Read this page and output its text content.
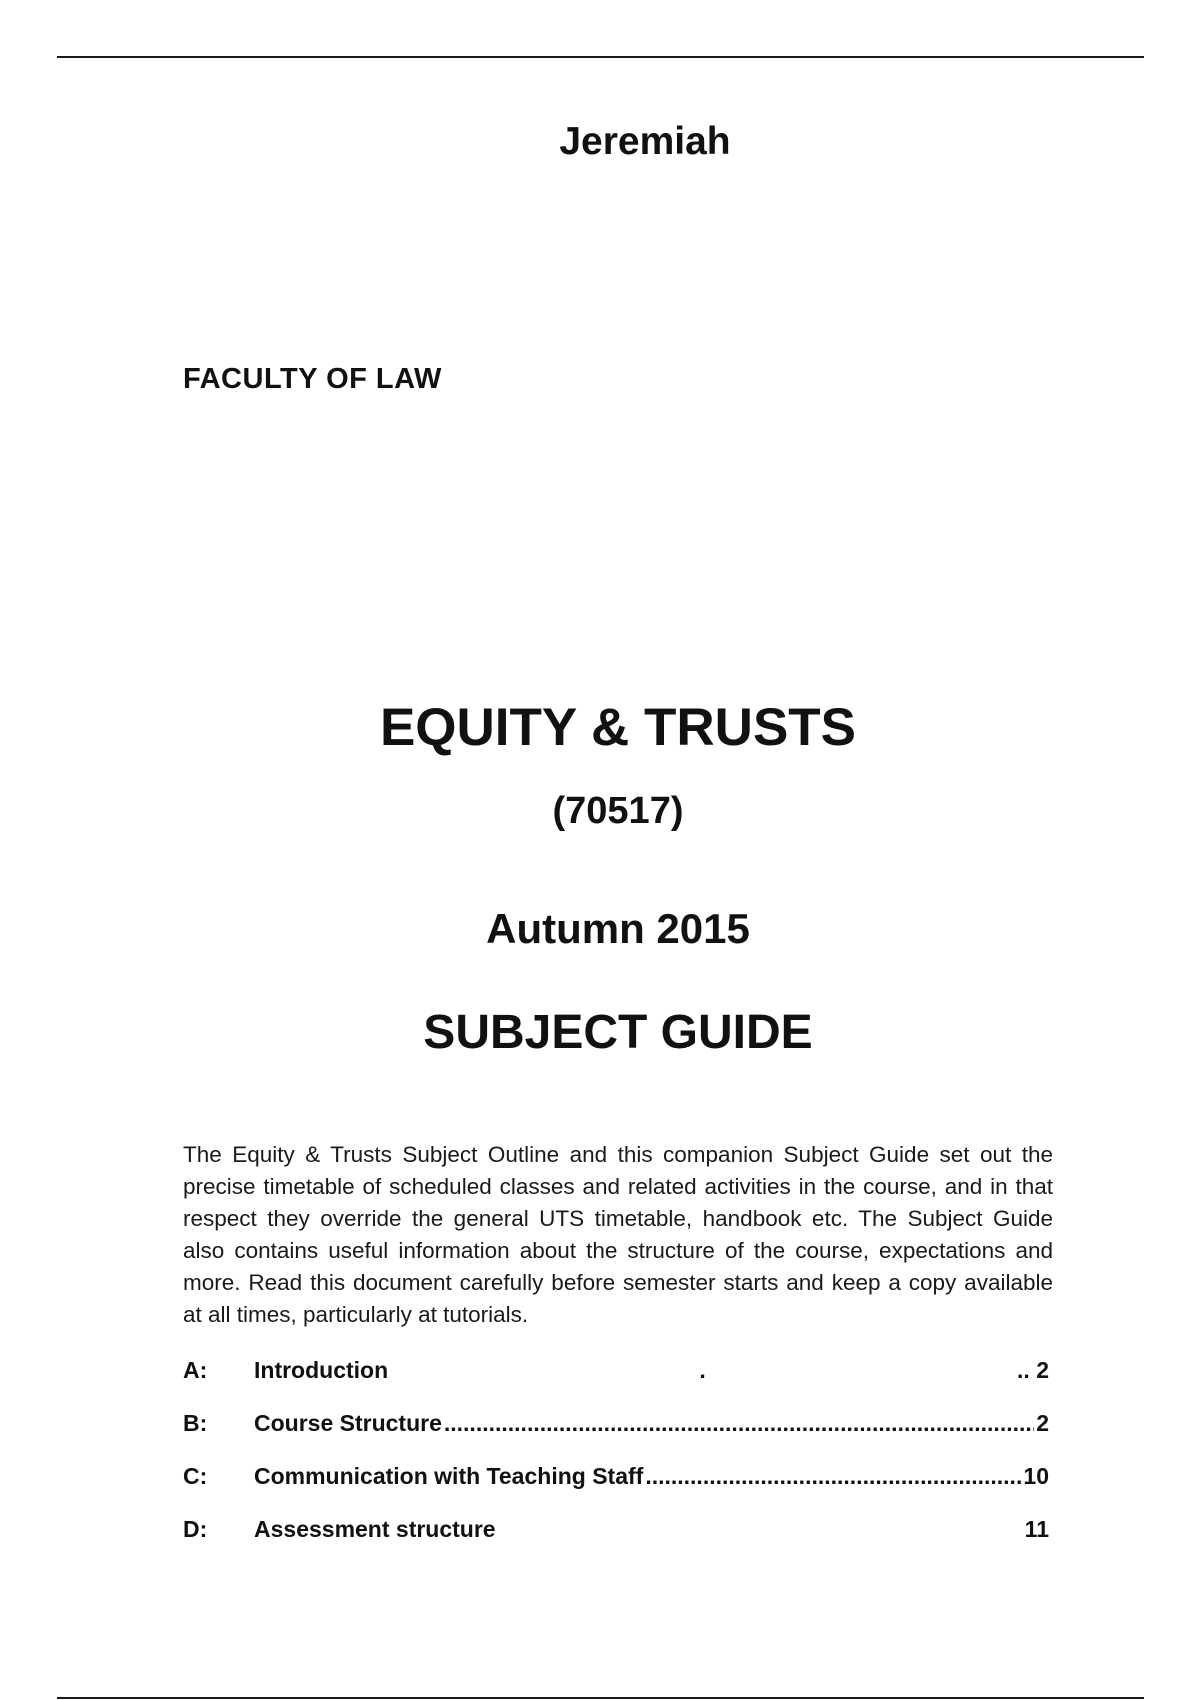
Jeremiah
FACULTY OF LAW
EQUITY & TRUSTS
(70517)
Autumn 2015
SUBJECT GUIDE

The Equity & Trusts Subject Outline and this companion Subject Guide set out the precise timetable of scheduled classes and related activities in the course, and in that respect they override the general UTS timetable, handbook etc. The Subject Guide also contains useful information about the structure of the course, expectations and more. Read this document carefully before semester starts and keep a copy available at all times, particularly at tutorials.

A:	Introduction	.	.. 2
B:	Course Structure .....	2
C:	Communication with Teaching Staff .....	10
D:	Assessment structure	11
